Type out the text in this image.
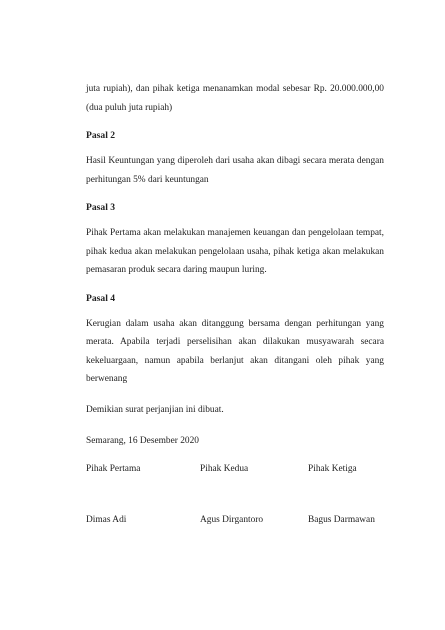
juta rupiah), dan pihak ketiga menanamkan modal sebesar Rp. 20.000.000,00 (dua puluh juta rupiah)

Pasal 2

Hasil Keuntungan yang diperoleh dari usaha akan dibagi secara merata dengan perhitungan 5% dari keuntungan

Pasal 3

Pihak Pertama akan melakukan manajemen keuangan dan pengelolaan tempat, pihak kedua akan melakukan pengelolaan usaha, pihak ketiga akan melakukan pemasaran produk secara daring maupun luring.

Pasal 4

Kerugian dalam usaha akan ditanggung bersama dengan perhitungan yang merata. Apabila terjadi perselisihan akan dilakukan musyawarah secara kekeluargaan, namun apabila berlanjut akan ditangani oleh pihak yang berwenang

Demikian surat perjanjian ini dibuat.

Semarang, 16 Desember 2020

Pihak Pertama	Pihak Kedua	Pihak Ketiga
Dimas Adi	Agus Dirgantoro	Bagus Darmawan
